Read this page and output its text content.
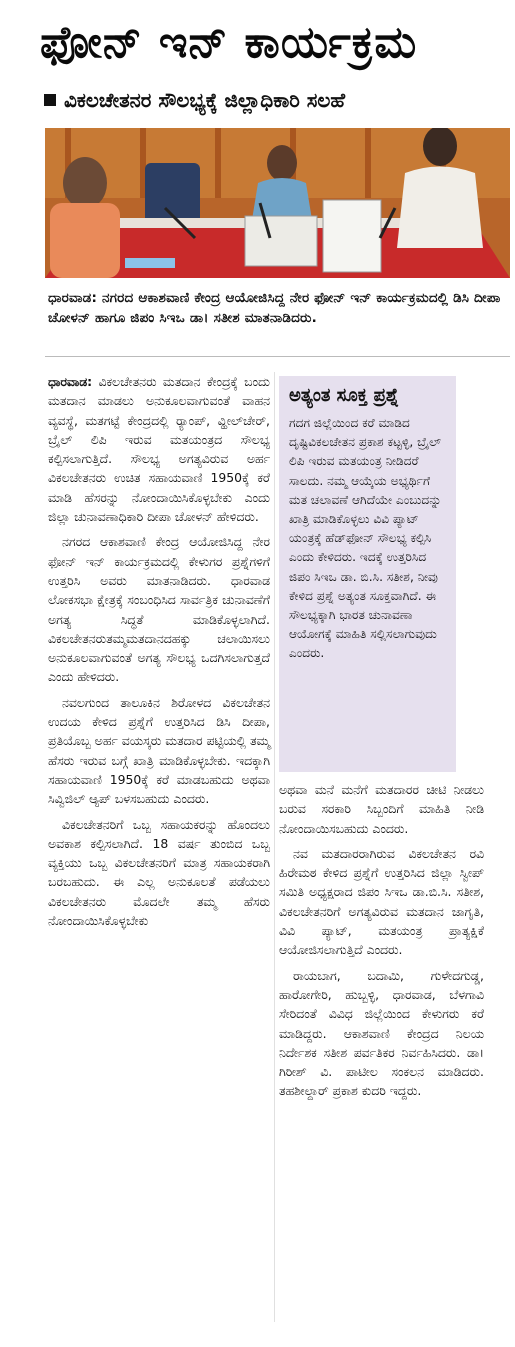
ಫೋನ್ ಇನ್ ಕಾರ್ಯಕ್ರಮ
ವಿಕಲಚೇತನರ ಸೌಲಭ್ಯಕ್ಕೆ ಜಿಲ್ಲಾಧಿಕಾರಿ ಸಲಹೆ
ಧಾರವಾಡ: ನಗರದ ಆಕಾಶವಾಣಿ ಕೇಂದ್ರ ಆಯೋಜಿಸಿದ್ದ ನೇರ ಫೋನ್ ಇನ್ ಕಾರ್ಯಕ್ರಮದಲ್ಲಿ ಡಿಸಿ ದೀಪಾ ಚೋಳನ್ ಹಾಗೂ ಜಿಪಂ ಸಿಇಒ ಡಾ। ಸತೀಶ ಮಾತನಾಡಿದರು.

ಧಾರವಾಡ: ವಿಕಲಚೇತನರು ಮತದಾನ ಕೇಂದ್ರಕ್ಕೆ ಬಂದು ಮತದಾನ ಮಾಡಲು ಅನುಕೂಲವಾಗುವಂತೆ ವಾಹನ ವ್ಯವಸ್ಥೆ, ಮತಗಟ್ಟೆ ಕೇಂದ್ರದಲ್ಲಿ ರ್‍ಯಾಂಪ್, ವ್ಹೀಲ್‌ಚೇರ್, ಬ್ರೈಲ್ ಲಿಪಿ ಇರುವ ಮತಯಂತ್ರದ ಸೌಲಭ್ಯ ಕಲ್ಪಿಸಲಾಗುತ್ತಿದೆ. ಸೌಲಭ್ಯ ಅಗತ್ಯವಿರುವ ಅರ್ಹ ವಿಕಲಚೇತನರು ಉಚಿತ ಸಹಾಯವಾಣಿ 1950ಕ್ಕೆ ಕರೆ ಮಾಡಿ ಹೆಸರನ್ನು ನೋಂದಾಯಿಸಿಕೊಳ್ಳಬೇಕು ಎಂದು ಜಿಲ್ಲಾ ಚುನಾವಣಾಧಿಕಾರಿ ದೀಪಾ ಚೋಳನ್ ಹೇಳಿದರು.

ನಗರದ ಆಕಾಶವಾಣಿ ಕೇಂದ್ರ ಆಯೋಜಿಸಿದ್ದ ನೇರ ಫೋನ್ ಇನ್ ಕಾರ್ಯಕ್ರಮದಲ್ಲಿ ಕೇಳುಗರ ಪ್ರಶ್ನೆಗಳಿಗೆ ಉತ್ತರಿಸಿ ಅವರು ಮಾತನಾಡಿದರು. ಧಾರವಾಡ ಲೋಕಸಭಾ ಕ್ಷೇತ್ರಕ್ಕೆ ಸಂಬಂಧಿಸಿದ ಸಾರ್ವತ್ರಿಕ ಚುನಾವಣೆಗೆ ಅಗತ್ಯ ಸಿದ್ಧತೆ ಮಾಡಿಕೊಳ್ಳಲಾಗಿದೆ. ವಿಕಲಚೇತನರುತಮ್ಮಮತದಾನದಹಕ್ಕು ಚಲಾಯಿಸಲು ಅನುಕೂಲವಾಗುವಂತೆ ಅಗತ್ಯ ಸೌಲಭ್ಯ ಒದಗಿಸಲಾಗುತ್ತದೆ ಎಂದು ಹೇಳಿದರು.

ನವಲಗುಂದ ತಾಲೂಕಿನ ಶಿರೋಳದ ವಿಕಲಚೇತನ ಉದಯ ಕೇಳಿದ ಪ್ರಶ್ನೆಗೆ ಉತ್ತರಿಸಿದ ಡಿಸಿ ದೀಪಾ, ಪ್ರತಿಯೊಬ್ಬ ಅರ್ಹ ವಯಸ್ಕರು ಮತದಾರ ಪಟ್ಟಿಯಲ್ಲಿ ತಮ್ಮ ಹೆಸರು ಇರುವ ಬಗ್ಗೆ ಖಾತ್ರಿ ಮಾಡಿಕೊಳ್ಳಬೇಕು. ಇದಕ್ಕಾಗಿ ಸಹಾಯವಾಣಿ 1950ಕ್ಕೆ ಕರೆ ಮಾಡಬಹುದು ಅಥವಾ ಸಿವ್ವಿಜಿಲ್ ಆ್ಯಪ್ ಬಳಸಬಹುದು ಎಂದರು.

ವಿಕಲಚೇತನರಿಗೆ ಒಬ್ಬ ಸಹಾಯಕರನ್ನು ಹೊಂದಲು ಅವಕಾಶ ಕಲ್ಪಿಸಲಾಗಿದೆ. 18 ವರ್ಷ ತುಂಬಿದ ಒಬ್ಬ ವ್ಯಕ್ತಿಯು ಒಬ್ಬ ವಿಕಲಚೇತನರಿಗೆ ಮಾತ್ರ ಸಹಾಯಕರಾಗಿ ಬರಬಹುದು. ಈ ಎಲ್ಲ ಅನುಕೂಲತೆ ಪಡೆಯಲು ವಿಕಲಚೇತನರು ಮೊದಲೇ ತಮ್ಮ ಹೆಸರು ನೋಂದಾಯಿಸಿಕೊಳ್ಳಬೇಕು

ಅತ್ಯಂತ ಸೂಕ್ತ ಪ್ರಶ್ನೆ

ಗದಗ ಜಿಲ್ಲೆಯಿಂದ ಕರೆ ಮಾಡಿದ ದೃಷ್ಟಿವಿಕಲಚೇತನ ಪ್ರಕಾಶ ಕಟ್ಟಳ್ಳಿ, ಬ್ರೈಲ್ ಲಿಪಿ ಇರುವ ಮತಯಂತ್ರ ನೀಡಿದರೆ ಸಾಲದು. ನಮ್ಮ ಆಯ್ಕೆಯ ಅಭ್ಯರ್ಥಿಗೆ ಮತ ಚಲಾವಣೆ ಆಗಿದೆಯೇ ಎಂಬುದನ್ನು ಖಾತ್ರಿ ಮಾಡಿಕೊಳ್ಳಲು ವಿವಿ ಪ್ಯಾಟ್ ಯಂತ್ರಕ್ಕೆ ಹೆಡ್‌ಫೋನ್ ಸೌಲಭ್ಯ ಕಲ್ಪಿಸಿ ಎಂದು ಕೇಳಿದರು. ಇದಕ್ಕೆ ಉತ್ತರಿಸಿದ ಜಿಪಂ ಸಿಇಒ ಡಾ. ಬಿ.ಸಿ. ಸತೀಶ, ನೀವು ಕೇಳಿದ ಪ್ರಶ್ನೆ ಅತ್ಯಂತ ಸೂಕ್ತವಾಗಿದೆ. ಈ ಸೌಲಭ್ಯಕ್ಕಾಗಿ ಭಾರತ ಚುನಾವಣಾ ಆಯೋಗಕ್ಕೆ ಮಾಹಿತಿ ಸಲ್ಲಿಸಲಾಗುವುದು ಎಂದರು.

ಅಥವಾ ಮನೆ ಮನೆಗೆ ಮತದಾರರ ಚೀಟಿ ನೀಡಲು ಬರುವ ಸರಕಾರಿ ಸಿಬ್ಬಂದಿಗೆ ಮಾಹಿತಿ ನೀಡಿ ನೋಂದಾಯಿಸಬಹುದು ಎಂದರು.

ನವ ಮತದಾರರಾಗಿರುವ ವಿಕಲಚೇತನ ರವಿ ಹಿರೇಮಠ ಕೇಳಿದ ಪ್ರಶ್ನೆಗೆ ಉತ್ತರಿಸಿದ ಜಿಲ್ಲಾ ಸ್ವೀಪ್ ಸಮಿತಿ ಅಧ್ಯಕ್ಷರಾದ ಜಿಪಂ ಸಿಇಒ ಡಾ.ಬಿ.ಸಿ. ಸತೀಶ, ವಿಕಲಚೇತನರಿಗೆ ಅಗತ್ಯವಿರುವ ಮತದಾನ ಜಾಗೃತಿ, ವಿವಿ ಪ್ಯಾಟ್, ಮತಯಂತ್ರ ಪ್ರಾತ್ಯಕ್ಷಿಕೆ ಆಯೋಜಿಸಲಾಗುತ್ತಿದೆ ಎಂದರು.

ರಾಯಬಾಗ, ಬದಾಮಿ, ಗುಳೇದಗುಡ್ಡ, ಹಾರೋಗೇರಿ, ಹುಬ್ಬಳ್ಳಿ, ಧಾರವಾಡ, ಬೆಳಗಾವಿ ಸೇರಿದಂತೆ ವಿವಿಧ ಜಿಲ್ಲೆಯಿಂದ ಕೇಳುಗರು ಕರೆ ಮಾಡಿದ್ದರು. ಆಕಾಶವಾಣಿ ಕೇಂದ್ರದ ನಿಲಯ ನಿರ್ದೇಶಕ ಸತೀಶ ಪರ್ವತಿಕರ ನಿರ್ವಹಿಸಿದರು. ಡಾ। ಗಿರೀಶ್ ವಿ. ಪಾಟೀಲ ಸಂಕಲನ ಮಾಡಿದರು. ತಹಶೀಲ್ದಾರ್ ಪ್ರಕಾಶ ಕುದರಿ ಇದ್ದರು.
